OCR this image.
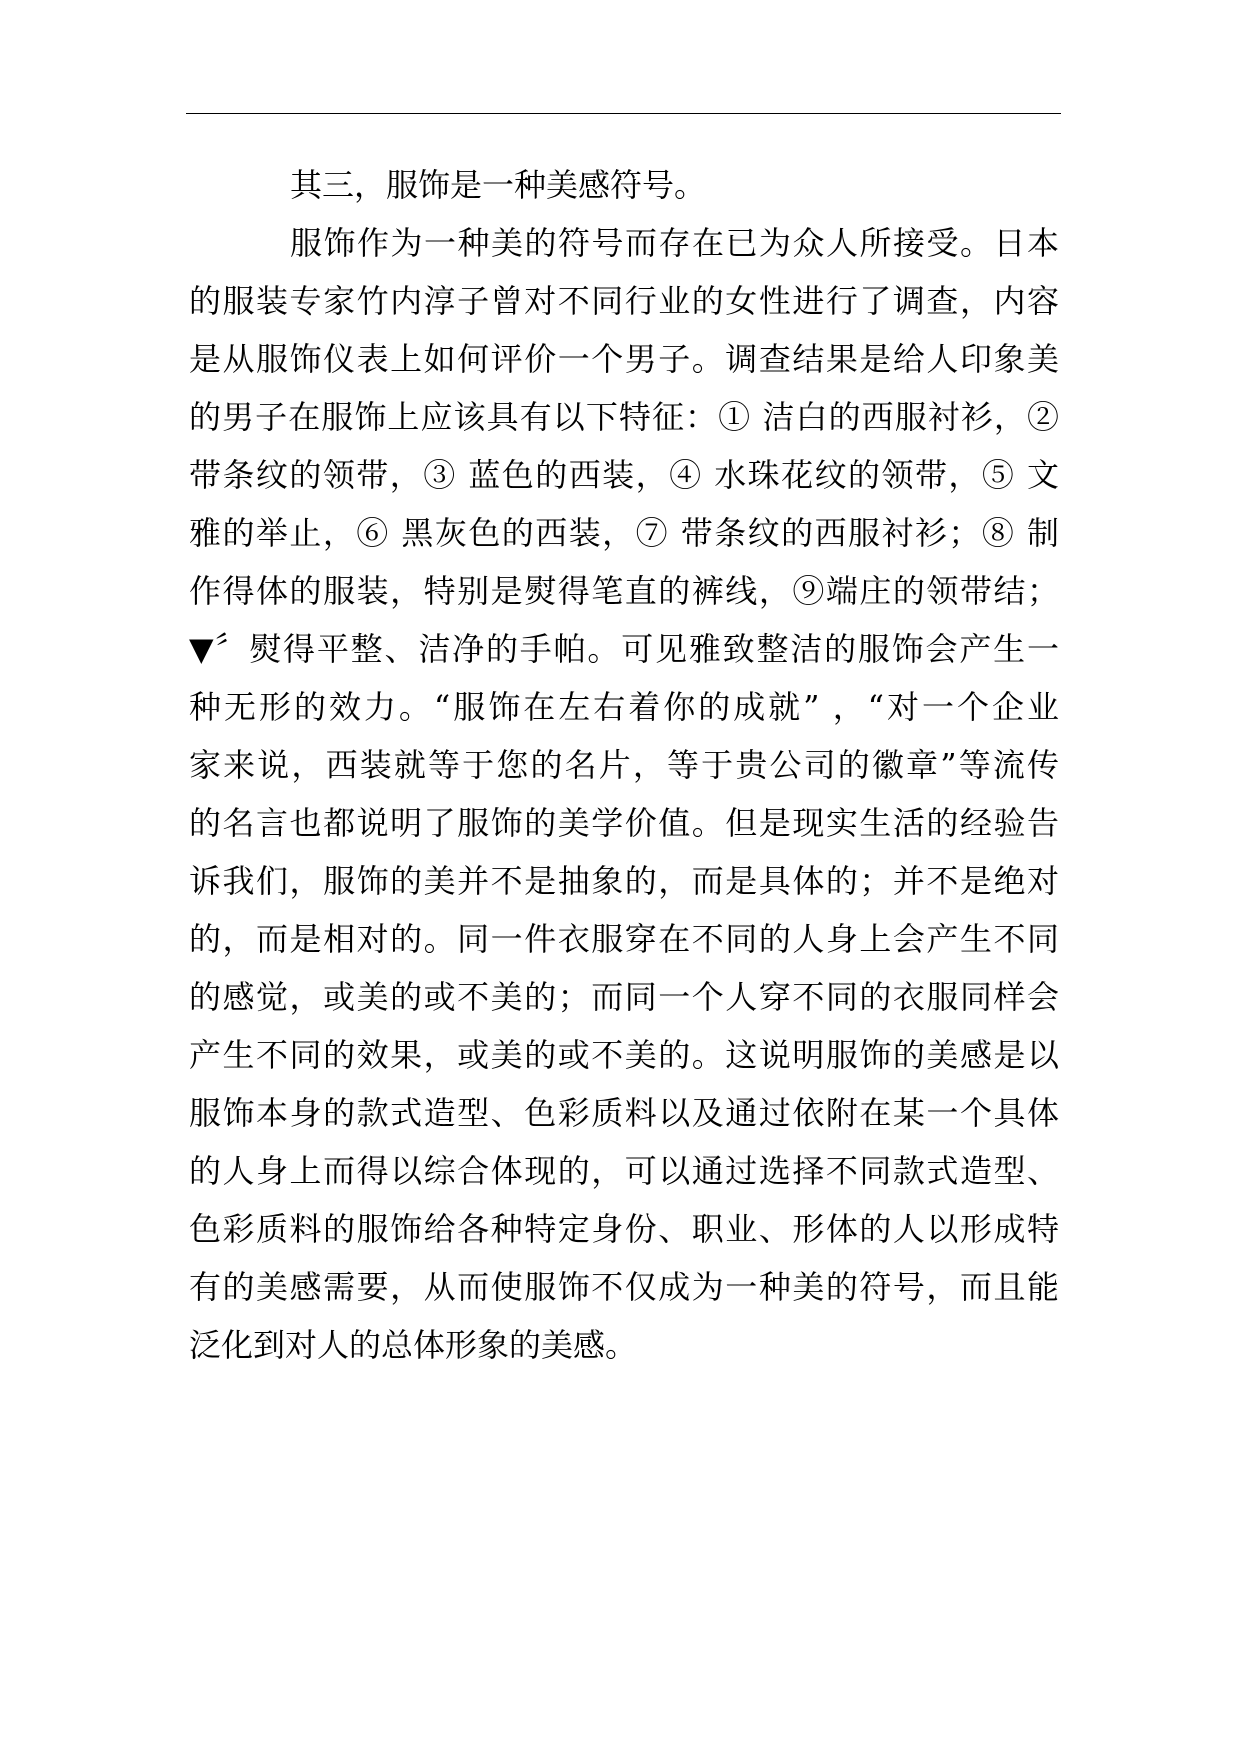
其三，服饰是一种美感符号。

服饰作为一种美的符号而存在已为众人所接受。日本

的服装专家竹内淳子曾对不同行业的女性进行了调查，内容

是从服饰仪表上如何评价一个男子。调查结果是给人印象美

的男子在服饰上应该具有以下特征：① 洁白的西服衬衫，②

带条纹的领带，③ 蓝色的西装，④ 水珠花纹的领带，⑤ 文

雅的举止，⑥ 黑灰色的西装，⑦ 带条纹的西服衬衫；⑧ 制

作得体的服装，特别是熨得笔直的裤线，⑨端庄的领带结；

▼〞熨得平整、洁净的手帕。可见雅致整洁的服饰会产生一

种无形的效力。“服饰在左右着你的成就” ，“对一个企业

家来说，西装就等于您的名片，等于贵公司的徽章”等流传

的名言也都说明了服饰的美学价值。但是现实生活的经验告

诉我们，服饰的美并不是抽象的，而是具体的；并不是绝对

的，而是相对的。同一件衣服穿在不同的人身上会产生不同

的感觉，或美的或不美的；而同一个人穿不同的衣服同样会

产生不同的效果，或美的或不美的。这说明服饰的美感是以

服饰本身的款式造型、色彩质料以及通过依附在某一个具体

的人身上而得以综合体现的，可以通过选择不同款式造型、

色彩质料的服饰给各种特定身份、职业、形体的人以形成特

有的美感需要，从而使服饰不仅成为一种美的符号，而且能

泛化到对人的总体形象的美感。
